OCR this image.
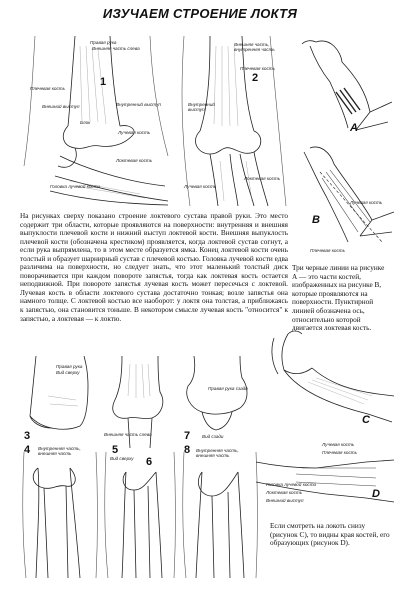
ИЗУЧАЕМ СТРОЕНИЕ ЛОКТЯ
1
Правая рука
Внешняя часть слева
Плечевая кость
Внешний выступ
Блок
Внутренний выступ
Лучевая кость
Локтевая кость
Головка лучевой кости
2
Внешняя часть, внутренняя часть
Плечевая кость
Внутренний выступ
Локтевая кость
Лучевая кость
A
B
Лучевая кость
Плечевая кость
На рисунках сверху показано строение локтевого сустава правой руки. Это место содержит три области, которые проявляются на поверхности: внутренняя и внешняя выпуклости плечевой кости и нижний выступ локтевой кости. Внешняя выпуклость плечевой кости (обозначена крестиком) проявляется, когда локтевой сустав согнут, а если рука выпрямлена, то в этом месте образуется ямка. Конец локтевой кости очень толстый и образует шарнирный сустав с плечевой костью. Головка лучевой кости едва различима на поверхности, но следует знать, что этот маленький толстый диск поворачивается при каждом повороте запястья, тогда как локтевая кость остается неподвижной. При повороте запястья лучевая кость может пересечься с локтевой. Лучевая кость в области локтевого сустава достаточно тонкая; возле запястья она намного толще. С локтевой костью все наоборот: у локтя она толстая, а приближаясь к запястью, она становится тоньше. В некотором смысле лучевая кость "относится" к запястью, а локтевая — к локтю.
Три черные линии на рисунке А — это части костей, изображенных на рисунке В, которые проявляются на поверхности. Пунктирной линией обозначена ось, относительно которой двигается локтевая кость.
Правая рука
Вид сверху
3
4 Внутренняя часть, внешняя часть
Внешняя часть слева
5
Вид сверху	6
Правая рука сзади
7	Вид сзади
8 Внутренняя часть, внешняя часть
C
Лучевая кость
Плечевая кость
Головка лучевой кости
Локтевая кость
Внешний выступ
D
Если смотреть на локоть снизу (рисунок C), то видны края костей, его образующих (рисунок D).
